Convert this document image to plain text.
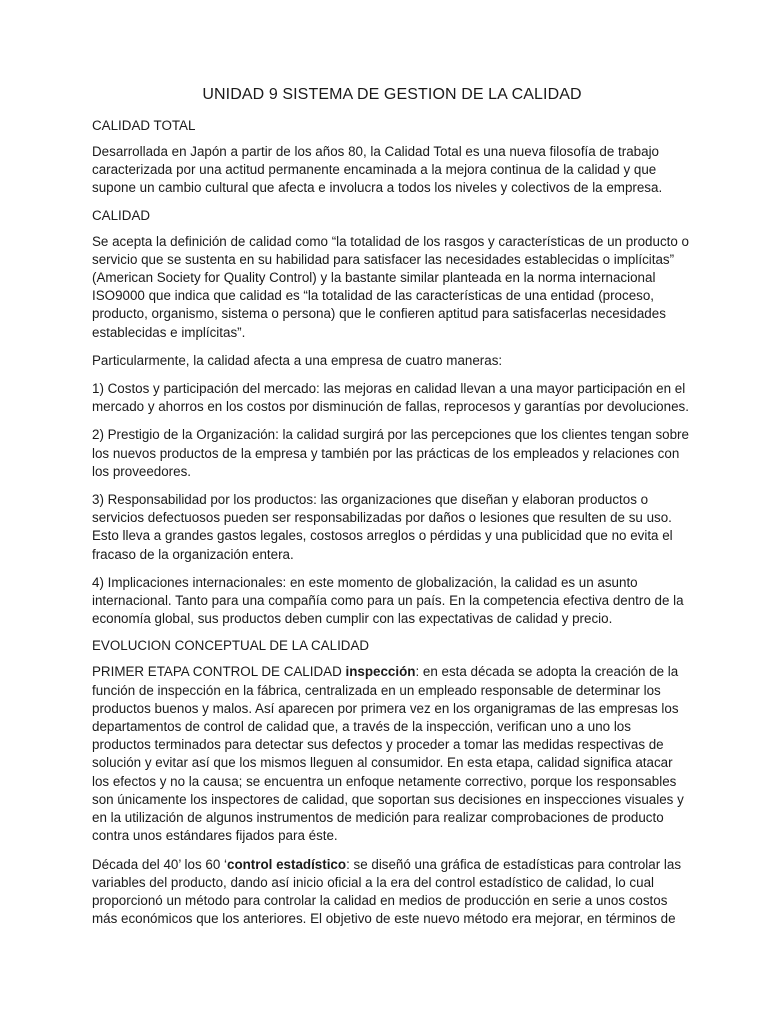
UNIDAD 9 SISTEMA DE GESTION DE LA CALIDAD
CALIDAD TOTAL

Desarrollada en Japón a partir de los años 80, la Calidad Total es una nueva filosofía de trabajo caracterizada por una actitud permanente encaminada a la mejora continua de la calidad y que supone un cambio cultural que afecta e involucra a todos los niveles y colectivos de la empresa.

CALIDAD

Se acepta la definición de calidad como “la totalidad de los rasgos y características de un producto o servicio que se sustenta en su habilidad para satisfacer las necesidades establecidas o implícitas” (American Society for Quality Control) y la bastante similar planteada en la norma internacional ISO9000 que indica que calidad es “la totalidad de las características de una entidad (proceso, producto, organismo, sistema o persona) que le confieren aptitud para satisfacerlas necesidades establecidas e implícitas”.

Particularmente, la calidad afecta a una empresa de cuatro maneras:

1) Costos y participación del mercado: las mejoras en calidad llevan a una mayor participación en el mercado y ahorros en los costos por disminución de fallas, reprocesos y garantías por devoluciones.

2) Prestigio de la Organización: la calidad surgirá por las percepciones que los clientes tengan sobre los nuevos productos de la empresa y también por las prácticas de los empleados y relaciones con los proveedores.

3) Responsabilidad por los productos: las organizaciones que diseñan y elaboran productos o servicios defectuosos pueden ser responsabilizadas por daños o lesiones que resulten de su uso. Esto lleva a grandes gastos legales, costosos arreglos o pérdidas y una publicidad que no evita el fracaso de la organización entera.

4) Implicaciones internacionales: en este momento de globalización, la calidad es un asunto internacional. Tanto para una compañía como para un país. En la competencia efectiva dentro de la economía global, sus productos deben cumplir con las expectativas de calidad y precio.

EVOLUCION CONCEPTUAL DE LA CALIDAD

PRIMER ETAPA CONTROL DE CALIDAD inspección: en esta década se adopta la creación de la función de inspección en la fábrica, centralizada en un empleado responsable de determinar los productos buenos y malos. Así aparecen por primera vez en los organigramas de las empresas los departamentos de control de calidad que, a través de la inspección, verifican uno a uno los productos terminados para detectar sus defectos y proceder a tomar las medidas respectivas de solución y evitar así que los mismos lleguen al consumidor. En esta etapa, calidad significa atacar los efectos y no la causa; se encuentra un enfoque netamente correctivo, porque los responsables son únicamente los inspectores de calidad, que soportan sus decisiones en inspecciones visuales y en la utilización de algunos instrumentos de medición para realizar comprobaciones de producto contra unos estándares fijados para éste.

Década del 40’ los 60 ‘control estadístico: se diseñó una gráfica de estadísticas para controlar las variables del producto, dando así inicio oficial a la era del control estadístico de calidad, lo cual proporcionó un método para controlar la calidad en medios de producción en serie a unos costos más económicos que los anteriores. El objetivo de este nuevo método era mejorar, en términos de
